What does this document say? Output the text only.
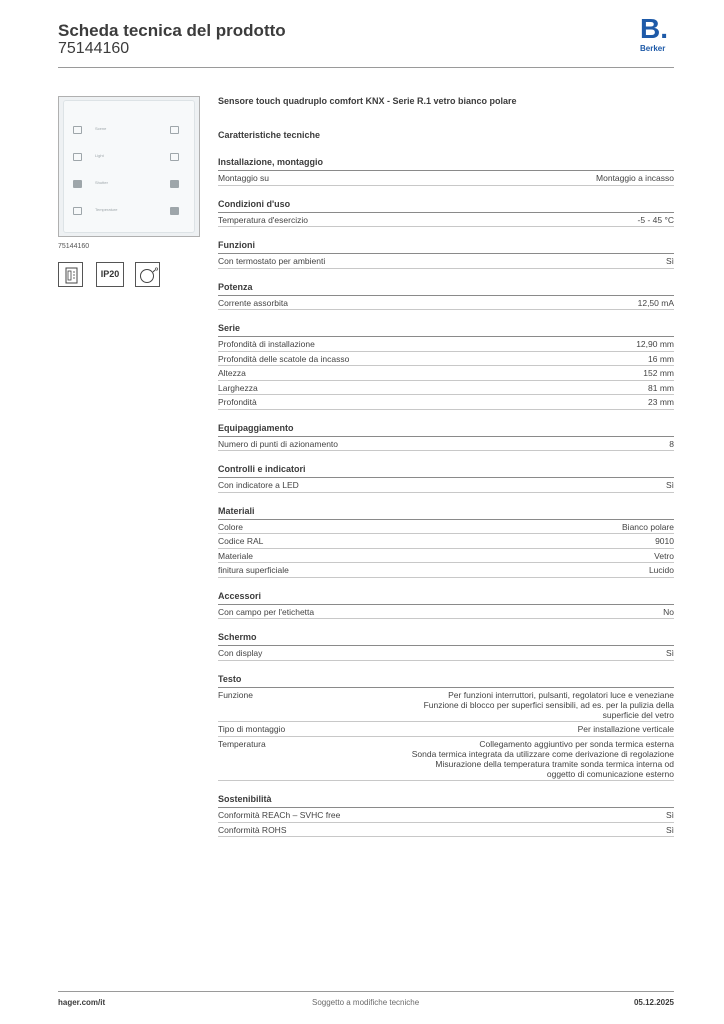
Scheda tecnica del prodotto
75144160
B.
Berker
Scene
Light
Shutter
Temperature
75144160
IP20
Sensore touch quadruplo comfort KNX - Serie R.1 vetro bianco polare
Caratteristiche tecniche
Installazione, montaggio
Montaggio su	Montaggio a incasso
Condizioni d'uso
Temperatura d'esercizio	-5 - 45 °C
Funzioni
Con termostato per ambienti	Sì
Potenza
Corrente assorbita	12,50 mA
Serie
Profondità di installazione	12,90 mm
Profondità delle scatole da incasso	16 mm
Altezza	152 mm
Larghezza	81 mm
Profondità	23 mm
Equipaggiamento
Numero di punti di azionamento	8
Controlli e indicatori
Con indicatore a LED	Sì
Materiali
Colore	Bianco polare
Codice RAL	9010
Materiale	Vetro
finitura superficiale	Lucido
Accessori
Con campo per l'etichetta	No
Schermo
Con display	Sì
Testo
Funzione	Per funzioni interruttori, pulsanti, regolatori luce e veneziane
Funzione di blocco per superfici sensibili, ad es. per la pulizia della
superficie del vetro
Tipo di montaggio	Per installazione verticale
Temperatura	Collegamento aggiuntivo per sonda termica esterna
Sonda termica integrata da utilizzare come derivazione di regolazione
Misurazione della temperatura tramite sonda termica interna od
oggetto di comunicazione esterno
Sostenibilità
Conformità REACh – SVHC free	Sì
Conformità ROHS	Sì
hager.com/it	Soggetto a modifiche tecniche	05.12.2025
